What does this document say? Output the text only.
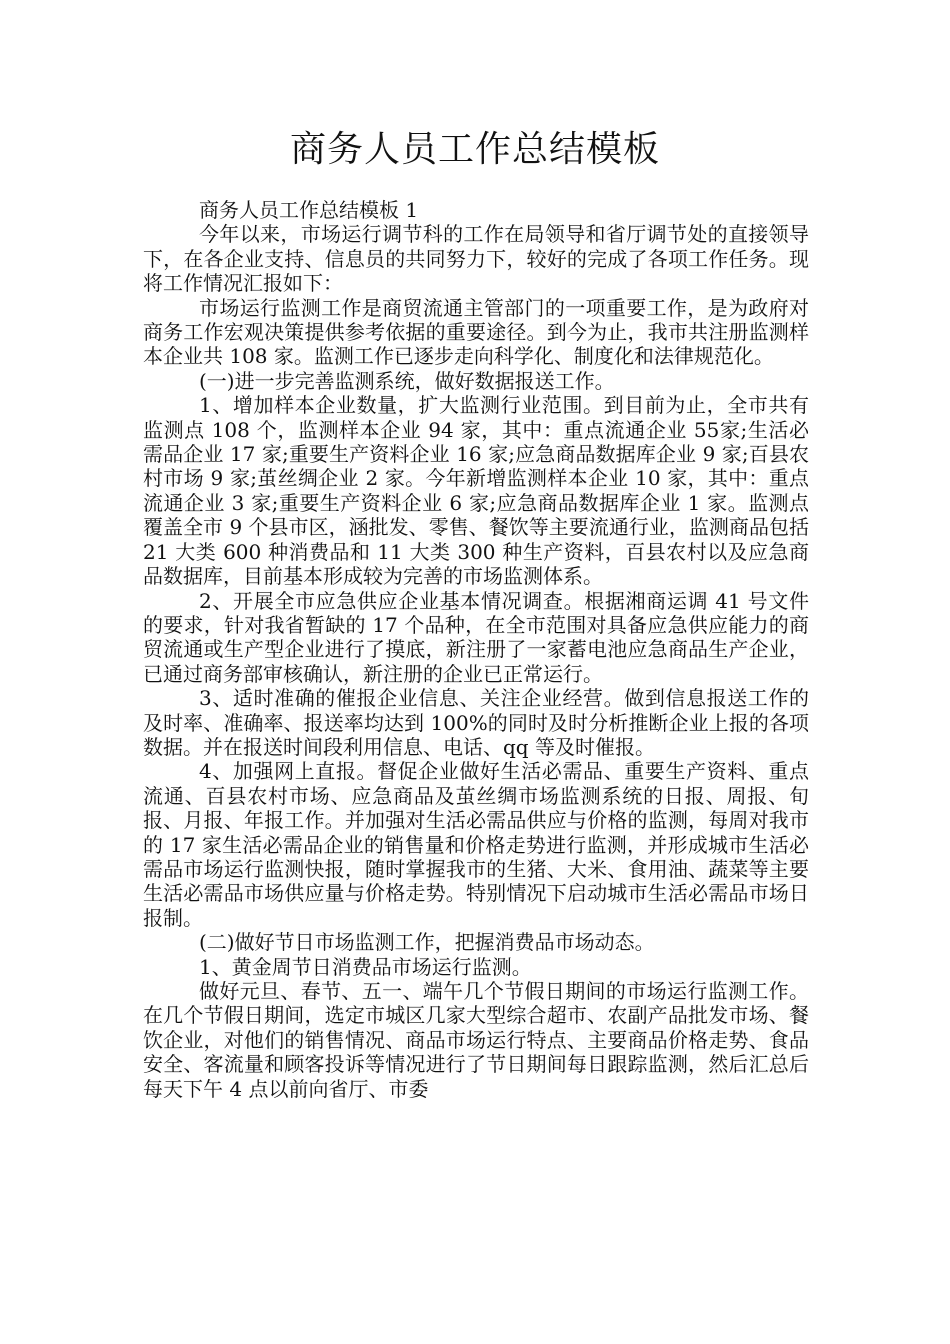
商务人员工作总结模板

商务人员工作总结模板 1

今年以来，市场运行调节科的工作在局领导和省厅调节处的直接领导下，在各企业支持、信息员的共同努力下，较好的完成了各项工作任务。现将工作情况汇报如下：

市场运行监测工作是商贸流通主管部门的一项重要工作，是为政府对商务工作宏观决策提供参考依据的重要途径。到今为止，我市共注册监测样本企业共 108 家。监测工作已逐步走向科学化、制度化和法律规范化。

(一)进一步完善监测系统，做好数据报送工作。

1、增加样本企业数量，扩大监测行业范围。到目前为止，全市共有监测点 108 个，监测样本企业 94 家，其中：重点流通企业 55家;生活必需品企业 17 家;重要生产资料企业 16 家;应急商品数据库企业 9 家;百县农村市场 9 家;茧丝绸企业 2 家。今年新增监测样本企业 10 家，其中：重点流通企业 3 家;重要生产资料企业 6 家;应急商品数据库企业 1 家。监测点覆盖全市 9 个县市区，涵批发、零售、餐饮等主要流通行业，监测商品包括 21 大类 600 种消费品和 11 大类 300 种生产资料，百县农村以及应急商品数据库，目前基本形成较为完善的市场监测体系。

2、开展全市应急供应企业基本情况调查。根据湘商运调 41 号文件的要求，针对我省暂缺的 17 个品种，在全市范围对具备应急供应能力的商贸流通或生产型企业进行了摸底，新注册了一家蓄电池应急商品生产企业，已通过商务部审核确认，新注册的企业已正常运行。

3、适时准确的催报企业信息、关注企业经营。做到信息报送工作的及时率、准确率、报送率均达到 100%的同时及时分析推断企业上报的各项数据。并在报送时间段利用信息、电话、qq 等及时催报。

4、加强网上直报。督促企业做好生活必需品、重要生产资料、重点流通、百县农村市场、应急商品及茧丝绸市场监测系统的日报、周报、旬报、月报、年报工作。并加强对生活必需品供应与价格的监测，每周对我市的 17 家生活必需品企业的销售量和价格走势进行监测，并形成城市生活必需品市场运行监测快报，随时掌握我市的生猪、大米、食用油、蔬菜等主要生活必需品市场供应量与价格走势。特别情况下启动城市生活必需品市场日报制。

(二)做好节日市场监测工作，把握消费品市场动态。

1、黄金周节日消费品市场运行监测。

做好元旦、春节、五一、端午几个节假日期间的市场运行监测工作。在几个节假日期间，选定市城区几家大型综合超市、农副产品批发市场、餐饮企业，对他们的销售情况、商品市场运行特点、主要商品价格走势、食品安全、客流量和顾客投诉等情况进行了节日期间每日跟踪监测，然后汇总后每天下午 4 点以前向省厅、市委
